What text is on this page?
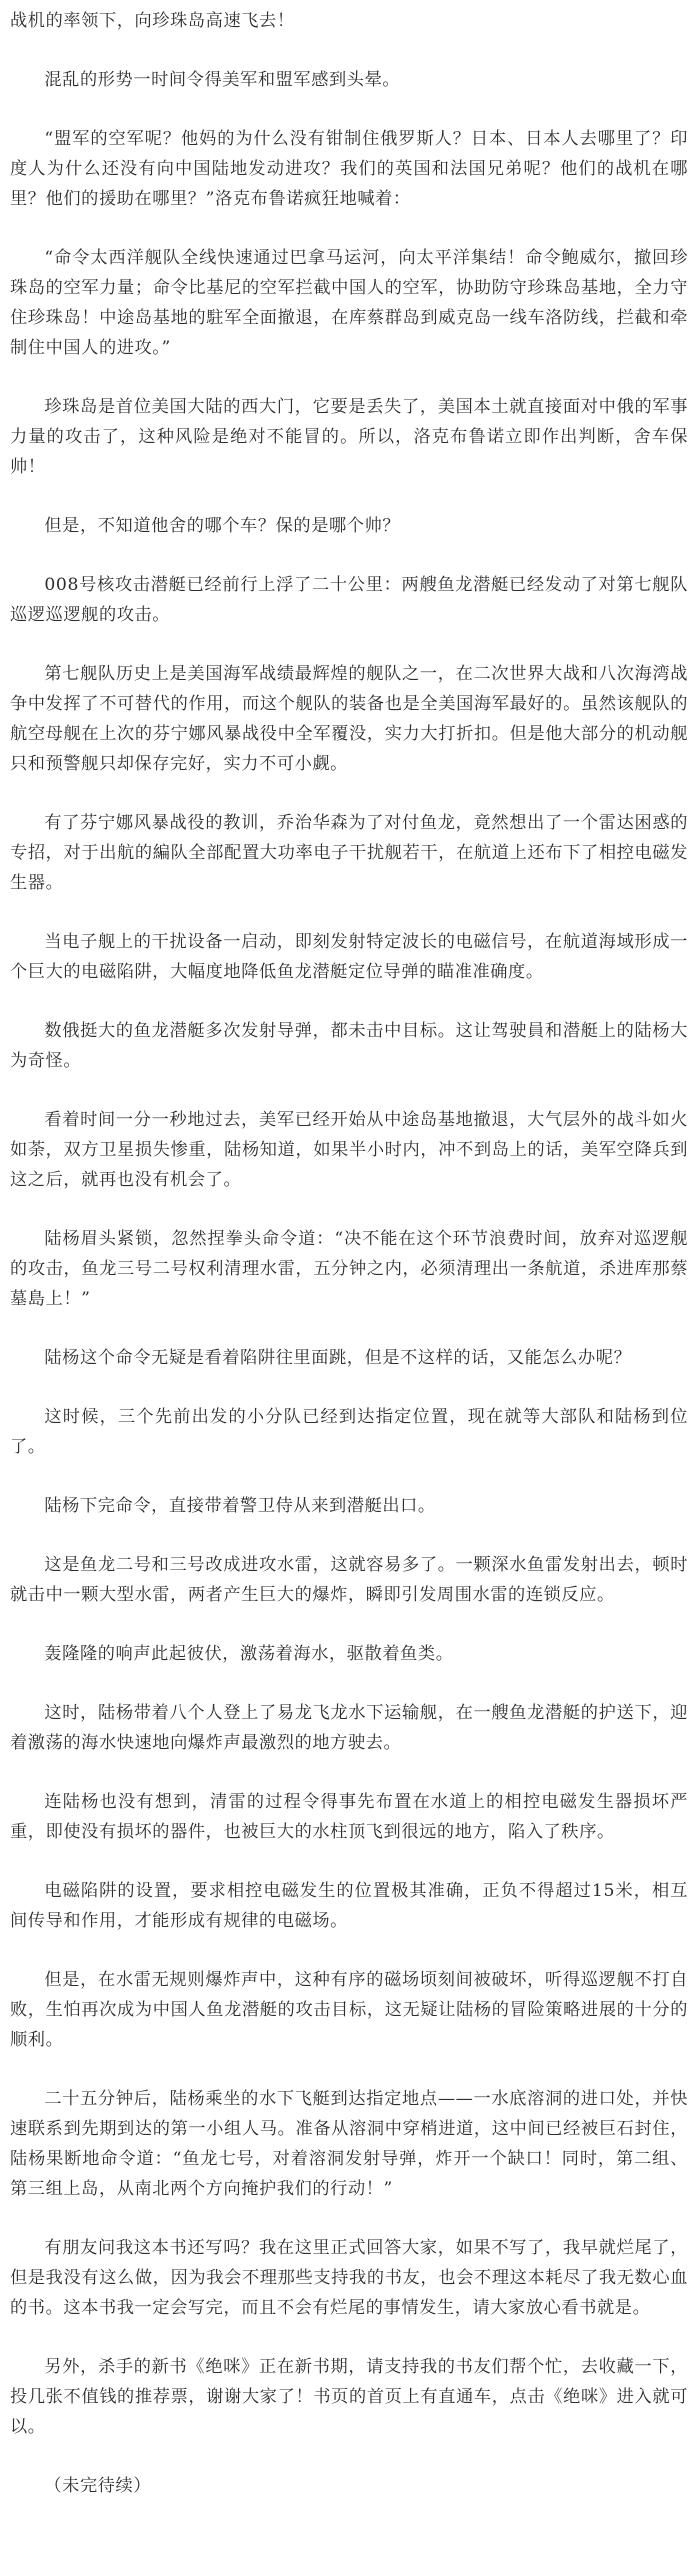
战机的率领下，向珍珠岛高速飞去！

混乱的形势一时间令得美军和盟军感到头晕。

“盟军的空军呢？他妈的为什么没有钳制住俄罗斯人？日本、日本人去哪里了？印度人为什么还没有向中国陆地发动进攻？我们的英国和法国兄弟呢？他们的战机在哪里？他们的援助在哪里？”洛克布鲁诺疯狂地喊着：

“命令太西洋舰队全线快速通过巴拿马运河，向太平洋集结！命令鲍威尔，撤回珍珠岛的空军力量；命令比基尼的空军拦截中国人的空军，协助防守珍珠岛基地，全力守住珍珠岛！中途岛基地的駐军全面撤退，在库蔡群岛到威克岛一线车洛防线，拦截和牵制住中国人的进攻。”

珍珠岛是首位美国大陆的西大门，它要是丢失了，美国本土就直接面对中俄的军事力量的攻击了，这种风险是绝对不能冒的。所以，洛克布鲁诺立即作出判断，舍车保帅！

但是，不知道他舍的哪个车？保的是哪个帅？

008号核攻击潜艇已经前行上浮了二十公里：两艘鱼龙潜艇已经发动了对第七舰队巡逻巡逻舰的攻击。

第七舰队历史上是美国海军战绩最辉煌的舰队之一，在二次世界大战和八次海湾战争中发挥了不可替代的作用，而这个舰队的装备也是全美国海军最好的。虽然该舰队的航空母舰在上次的芬宁娜风暴战役中全军覆没，实力大打折扣。但是他大部分的机动舰只和预警舰只却保存完好，实力不可小觑。

有了芬宁娜风暴战役的教训，乔治华森为了对付鱼龙，竟然想出了一个雷达困惑的专招，对于出航的編队全部配置大功率电子干扰舰若干，在航道上还布下了相控电磁发生器。

当电子舰上的干扰设备一启动，即刻发射特定波长的电磁信号，在航道海域形成一个巨大的电磁陷阱，大幅度地降低鱼龙潜艇定位导弹的瞄准准确度。

数俄挺大的鱼龙潜艇多次发射导弹，都未击中目标。这让驾驶員和潜艇上的陆杨大为奇怪。

看着时间一分一秒地过去，美军已经开始从中途岛基地撤退，大气层外的战斗如火如荼，双方卫星损失惨重，陆杨知道，如果半小时内，冲不到岛上的话，美军空降兵到这之后，就再也没有机会了。

陆杨眉头紧锁，忽然捏拳头命令道：“决不能在这个环节浪费时间，放弃对巡逻舰的攻击，鱼龙三号二号权利清理水雷，五分钟之内，必须清理出一条航道，杀进库那蔡墓島上！”

陆杨这个命令无疑是看着陷阱往里面跳，但是不这样的话，又能怎么办呢？

这时候，三个先前出发的小分队已经到达指定位置，现在就等大部队和陆杨到位了。

陆杨下完命令，直接带着警卫侍从来到潜艇出口。

这是鱼龙二号和三号改成进攻水雷，这就容易多了。一颗深水鱼雷发射出去，顿时就击中一颗大型水雷，两者产生巨大的爆炸，瞬即引发周围水雷的连锁反应。

轰隆隆的响声此起彼伏，激荡着海水，驱散着鱼类。

这时，陆杨带着八个人登上了易龙飞龙水下运输舰，在一艘鱼龙潜艇的护送下，迎着激荡的海水快速地向爆炸声最激烈的地方驶去。

连陆杨也没有想到，清雷的过程令得事先布置在水道上的相控电磁发生器损坏严重，即使没有损坏的器件，也被巨大的水柱顶飞到很远的地方，陷入了秩序。

电磁陷阱的设置，要求相控电磁发生的位置极其准确，正负不得超过15米，相互间传导和作用，才能形成有规律的电磁场。

但是，在水雷无规则爆炸声中，这种有序的磁场顷刻间被破坏，听得巡逻舰不打自败，生怕再次成为中国人鱼龙潜艇的攻击目标，这无疑让陆杨的冒险策略进展的十分的顺利。

二十五分钟后，陆杨乘坐的水下飞艇到达指定地点——一水底溶洞的进口处，并快速联系到先期到达的第一小组人马。准备从溶洞中穿梢进道，这中间已经被巨石封住，陆杨果断地命令道：“鱼龙七号，对着溶洞发射导弹，炸开一个缺口！同时，第二组、第三组上岛，从南北两个方向掩护我们的行动！”

有朋友问我这本书还写吗？我在这里正式回答大家，如果不写了，我早就烂尾了，但是我没有这么做，因为我会不理那些支持我的书友，也会不理这本耗尽了我无数心血的书。这本书我一定会写完，而且不会有烂尾的事情发生，请大家放心看书就是。

另外，杀手的新书《绝咪》正在新书期，请支持我的书友们帮个忙，去收藏一下，投几张不值钱的推荐票，谢谢大家了！书页的首页上有直通车，点击《绝咪》进入就可以。

（未完待续）
